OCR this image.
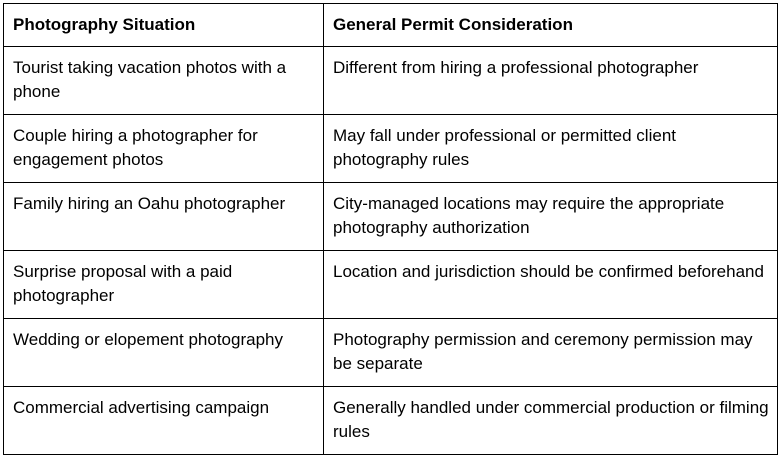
Photography Situation	General Permit Consideration
Tourist taking vacation photos with a phone	Different from hiring a professional photographer
Couple hiring a photographer for engagement photos	May fall under professional or permitted client photography rules
Family hiring an Oahu photographer	City-managed locations may require the appropriate photography authorization
Surprise proposal with a paid photographer	Location and jurisdiction should be confirmed beforehand
Wedding or elopement photography	Photography permission and ceremony permission may be separate
Commercial advertising campaign	Generally handled under commercial production or filming rules
